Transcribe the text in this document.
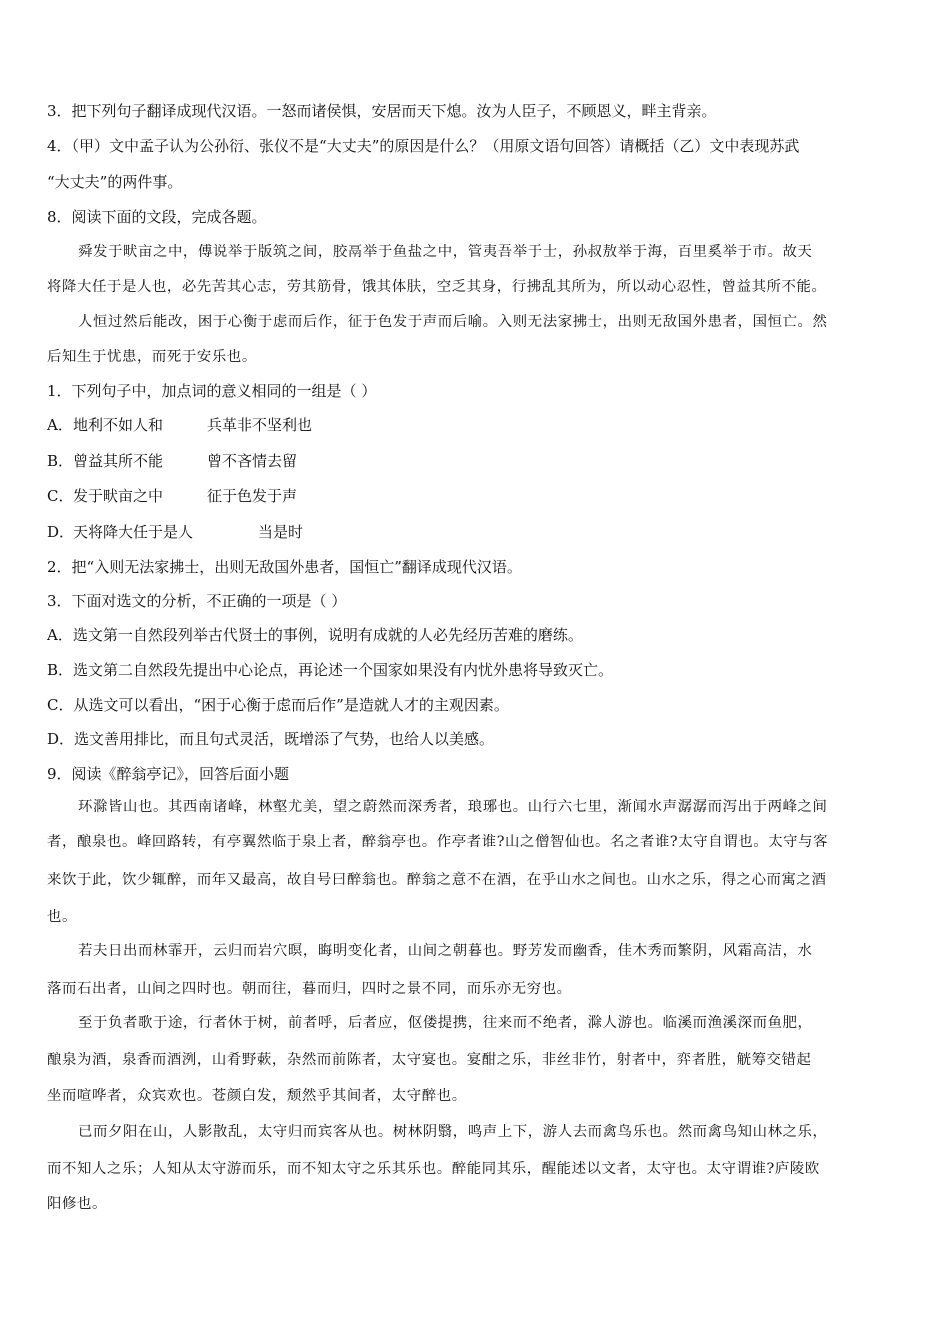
3．把下列句子翻译成现代汉语。一怒而诸侯惧，安居而天下熄。汝为人臣子，不顾恩义，畔主背亲。

4．（甲）文中孟子认为公孙衍、张仪不是“大丈夫”的原因是什么？（用原文语句回答）请概括（乙）文中表现苏武

“大丈夫”的两件事。

8．阅读下面的文段，完成各题。

舜发于畎亩之中，傅说举于版筑之间，胶鬲举于鱼盐之中，管夷吾举于士，孙叔敖举于海，百里奚举于市。故天

将降大任于是人也，必先苦其心志，劳其筋骨，饿其体肤，空乏其身，行拂乱其所为，所以动心忍性，曾益其所不能。

人恒过然后能改，困于心衡于虑而后作，征于色发于声而后喻。入则无法家拂士，出则无敌国外患者，国恒亡。然

后知生于忧患，而死于安乐也。

1．下列句子中，加点词的意义相同的一组是（ ）

A．地利不如人和	兵革非不坚利也

B．曾益其所不能	曾不吝情去留

C．发于畎亩之中	征于色发于声

D．天将降大任于是人	当是时

2．把“入则无法家拂士，出则无敌国外患者，国恒亡”翻译成现代汉语。

3．下面对选文的分析，不正确的一项是（ ）

A．选文第一自然段列举古代贤士的事例，说明有成就的人必先经历苦难的磨练。

B．选文第二自然段先提出中心论点，再论述一个国家如果没有内忧外患将导致灭亡。

C．从选文可以看出，“困于心衡于虑而后作”是造就人才的主观因素。

D．选文善用排比，而且句式灵活，既增添了气势，也给人以美感。

9．阅读《醉翁亭记》，回答后面小题

环滁皆山也。其西南诸峰，林壑尤美，望之蔚然而深秀者，琅琊也。山行六七里，渐闻水声潺潺而泻出于两峰之间

者，酿泉也。峰回路转，有亭翼然临于泉上者，醉翁亭也。作亭者谁?山之僧智仙也。名之者谁?太守自谓也。太守与客

来饮于此，饮少辄醉，而年又最高，故自号曰醉翁也。醉翁之意不在酒，在乎山水之间也。山水之乐，得之心而寓之酒

也。

若夫日出而林霏开，云归而岩穴暝，晦明变化者，山间之朝暮也。野芳发而幽香，佳木秀而繁阴，风霜高洁，水

落而石出者，山间之四时也。朝而往，暮而归，四时之景不同，而乐亦无穷也。

至于负者歌于途，行者休于树，前者呼，后者应，伛偻提携，往来而不绝者，滁人游也。临溪而渔溪深而鱼肥，

酿泉为酒，泉香而酒洌，山肴野蔌，杂然而前陈者，太守宴也。宴酣之乐，非丝非竹，射者中，弈者胜，觥筹交错起

坐而喧哗者，众宾欢也。苍颜白发，颓然乎其间者，太守醉也。

已而夕阳在山，人影散乱，太守归而宾客从也。树林阴翳，鸣声上下，游人去而禽鸟乐也。然而禽鸟知山林之乐，

而不知人之乐；人知从太守游而乐，而不知太守之乐其乐也。醉能同其乐，醒能述以文者，太守也。太守谓谁?庐陵欧

阳修也。
